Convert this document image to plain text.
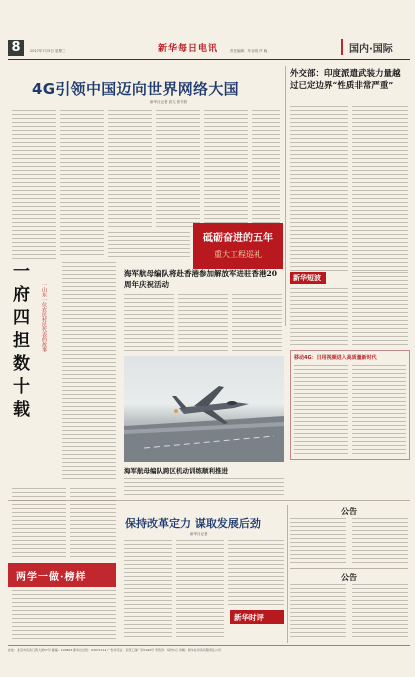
8	2017年7月5日 星期三	新华每日电讯	责任编辑：车玉明 许 晓	国内·国际
4G引领中国迈向世界网络大国
新华社记者 高亢 张辛欣
外交部：印度派遣武装力量越过已定边界“性质非常严重”
砥砺奋进的五年
重大工程巡礼
一府四担数十载	一山东一位农民村民代表的故事
海军航母编队将赴香港参加解放军进驻香港20周年庆祝活动
海军航母编队跨区机动训练顺利推进
新华短波
移动4G：日用视频进入高质量新时代
两学一做·榜样
保持改革定力 谋取发展后劲
新华社记者
新华时评
公告
公告
社址：北京市宣武门西大街57号 邮编：100803 新华社总机：63071114 广告许可证：京西工商广字0160号 零售价：每份1元 印刷：新华社印务有限责任公司
